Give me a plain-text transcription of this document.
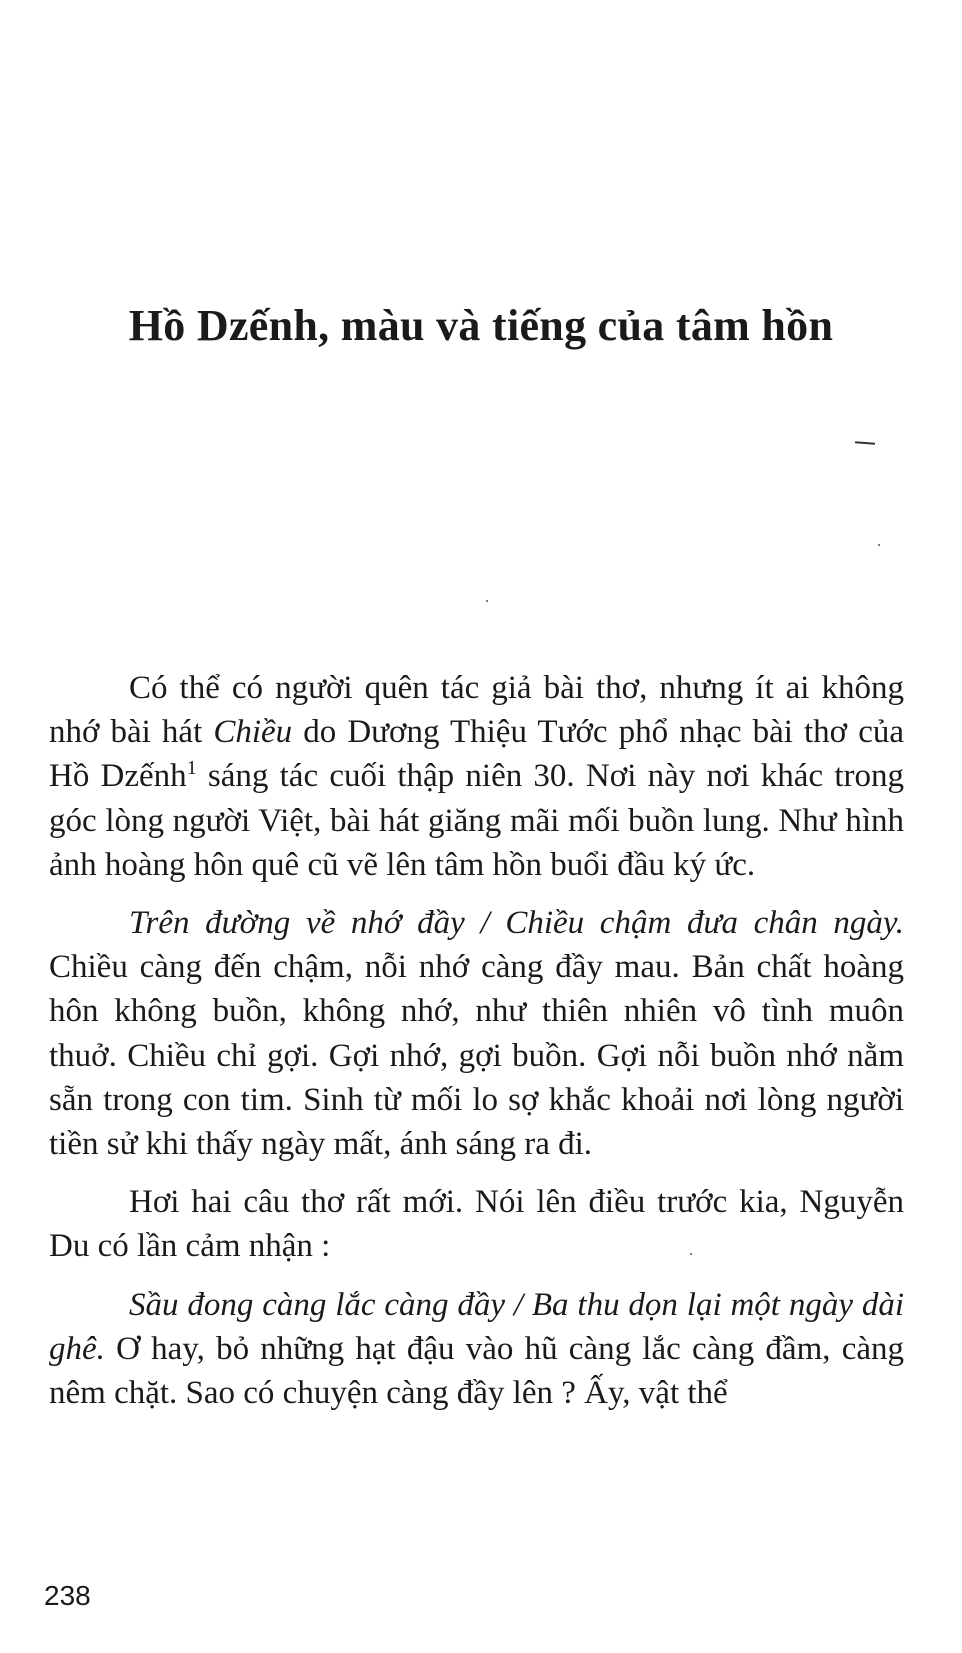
Hồ Dzếnh, màu và tiếng của tâm hồn

Có thể có người quên tác giả bài thơ, nhưng ít ai không nhớ bài hát Chiều do Dương Thiệu Tước phổ nhạc bài thơ của Hồ Dzếnh$^1$ sáng tác cuối thập niên 30. Nơi này nơi khác trong góc lòng người Việt, bài hát giăng mãi mối buồn lung. Như hình ảnh hoàng hôn quê cũ vẽ lên tâm hồn buổi đầu ký ức.

Trên đường về nhớ đầy / Chiều chậm đưa chân ngày. Chiều càng đến chậm, nỗi nhớ càng đầy mau. Bản chất hoàng hôn không buồn, không nhớ, như thiên nhiên vô tình muôn thuở. Chiều chỉ gợi. Gợi nhớ, gợi buồn. Gợi nỗi buồn nhớ nằm sẵn trong con tim. Sinh từ mối lo sợ khắc khoải nơi lòng người tiền sử khi thấy ngày mất, ánh sáng ra đi.

Hơi hai câu thơ rất mới. Nói lên điều trước kia, Nguyễn Du có lần cảm nhận :

Sầu đong càng lắc càng đầy / Ba thu dọn lại một ngày dài ghê. Ơ hay, bỏ những hạt đậu vào hũ càng lắc càng đầm, càng nêm chặt. Sao có chuyện càng đầy lên ? Ấy, vật thể

238
